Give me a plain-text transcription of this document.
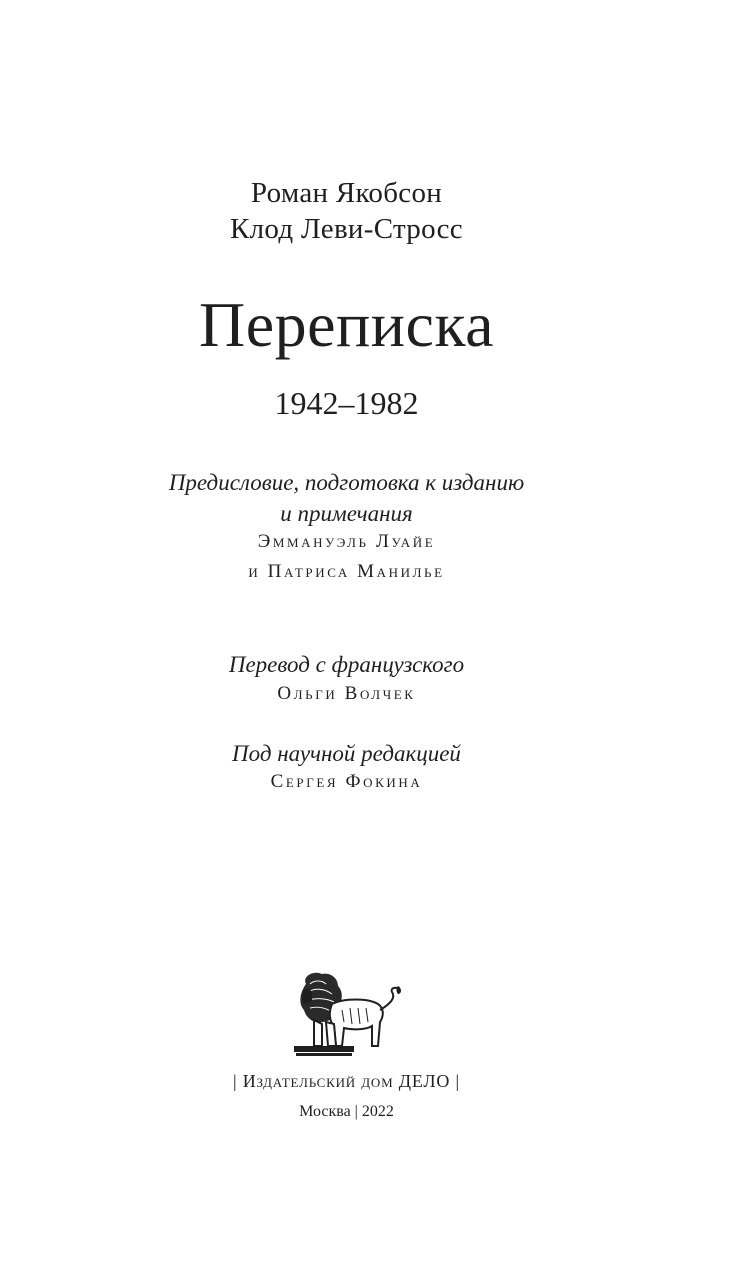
Роман Якобсон
Клод Леви-Стросс
Переписка
1942–1982
Предисловие, подготовка к изданию
и примечания
Эммануэль Луайе
и Патриса Манилье
Перевод с французского
Ольги Волчек
Под научной редакцией
Сергея Фокина
| Издательский дом ДЕЛО |
Москва | 2022
